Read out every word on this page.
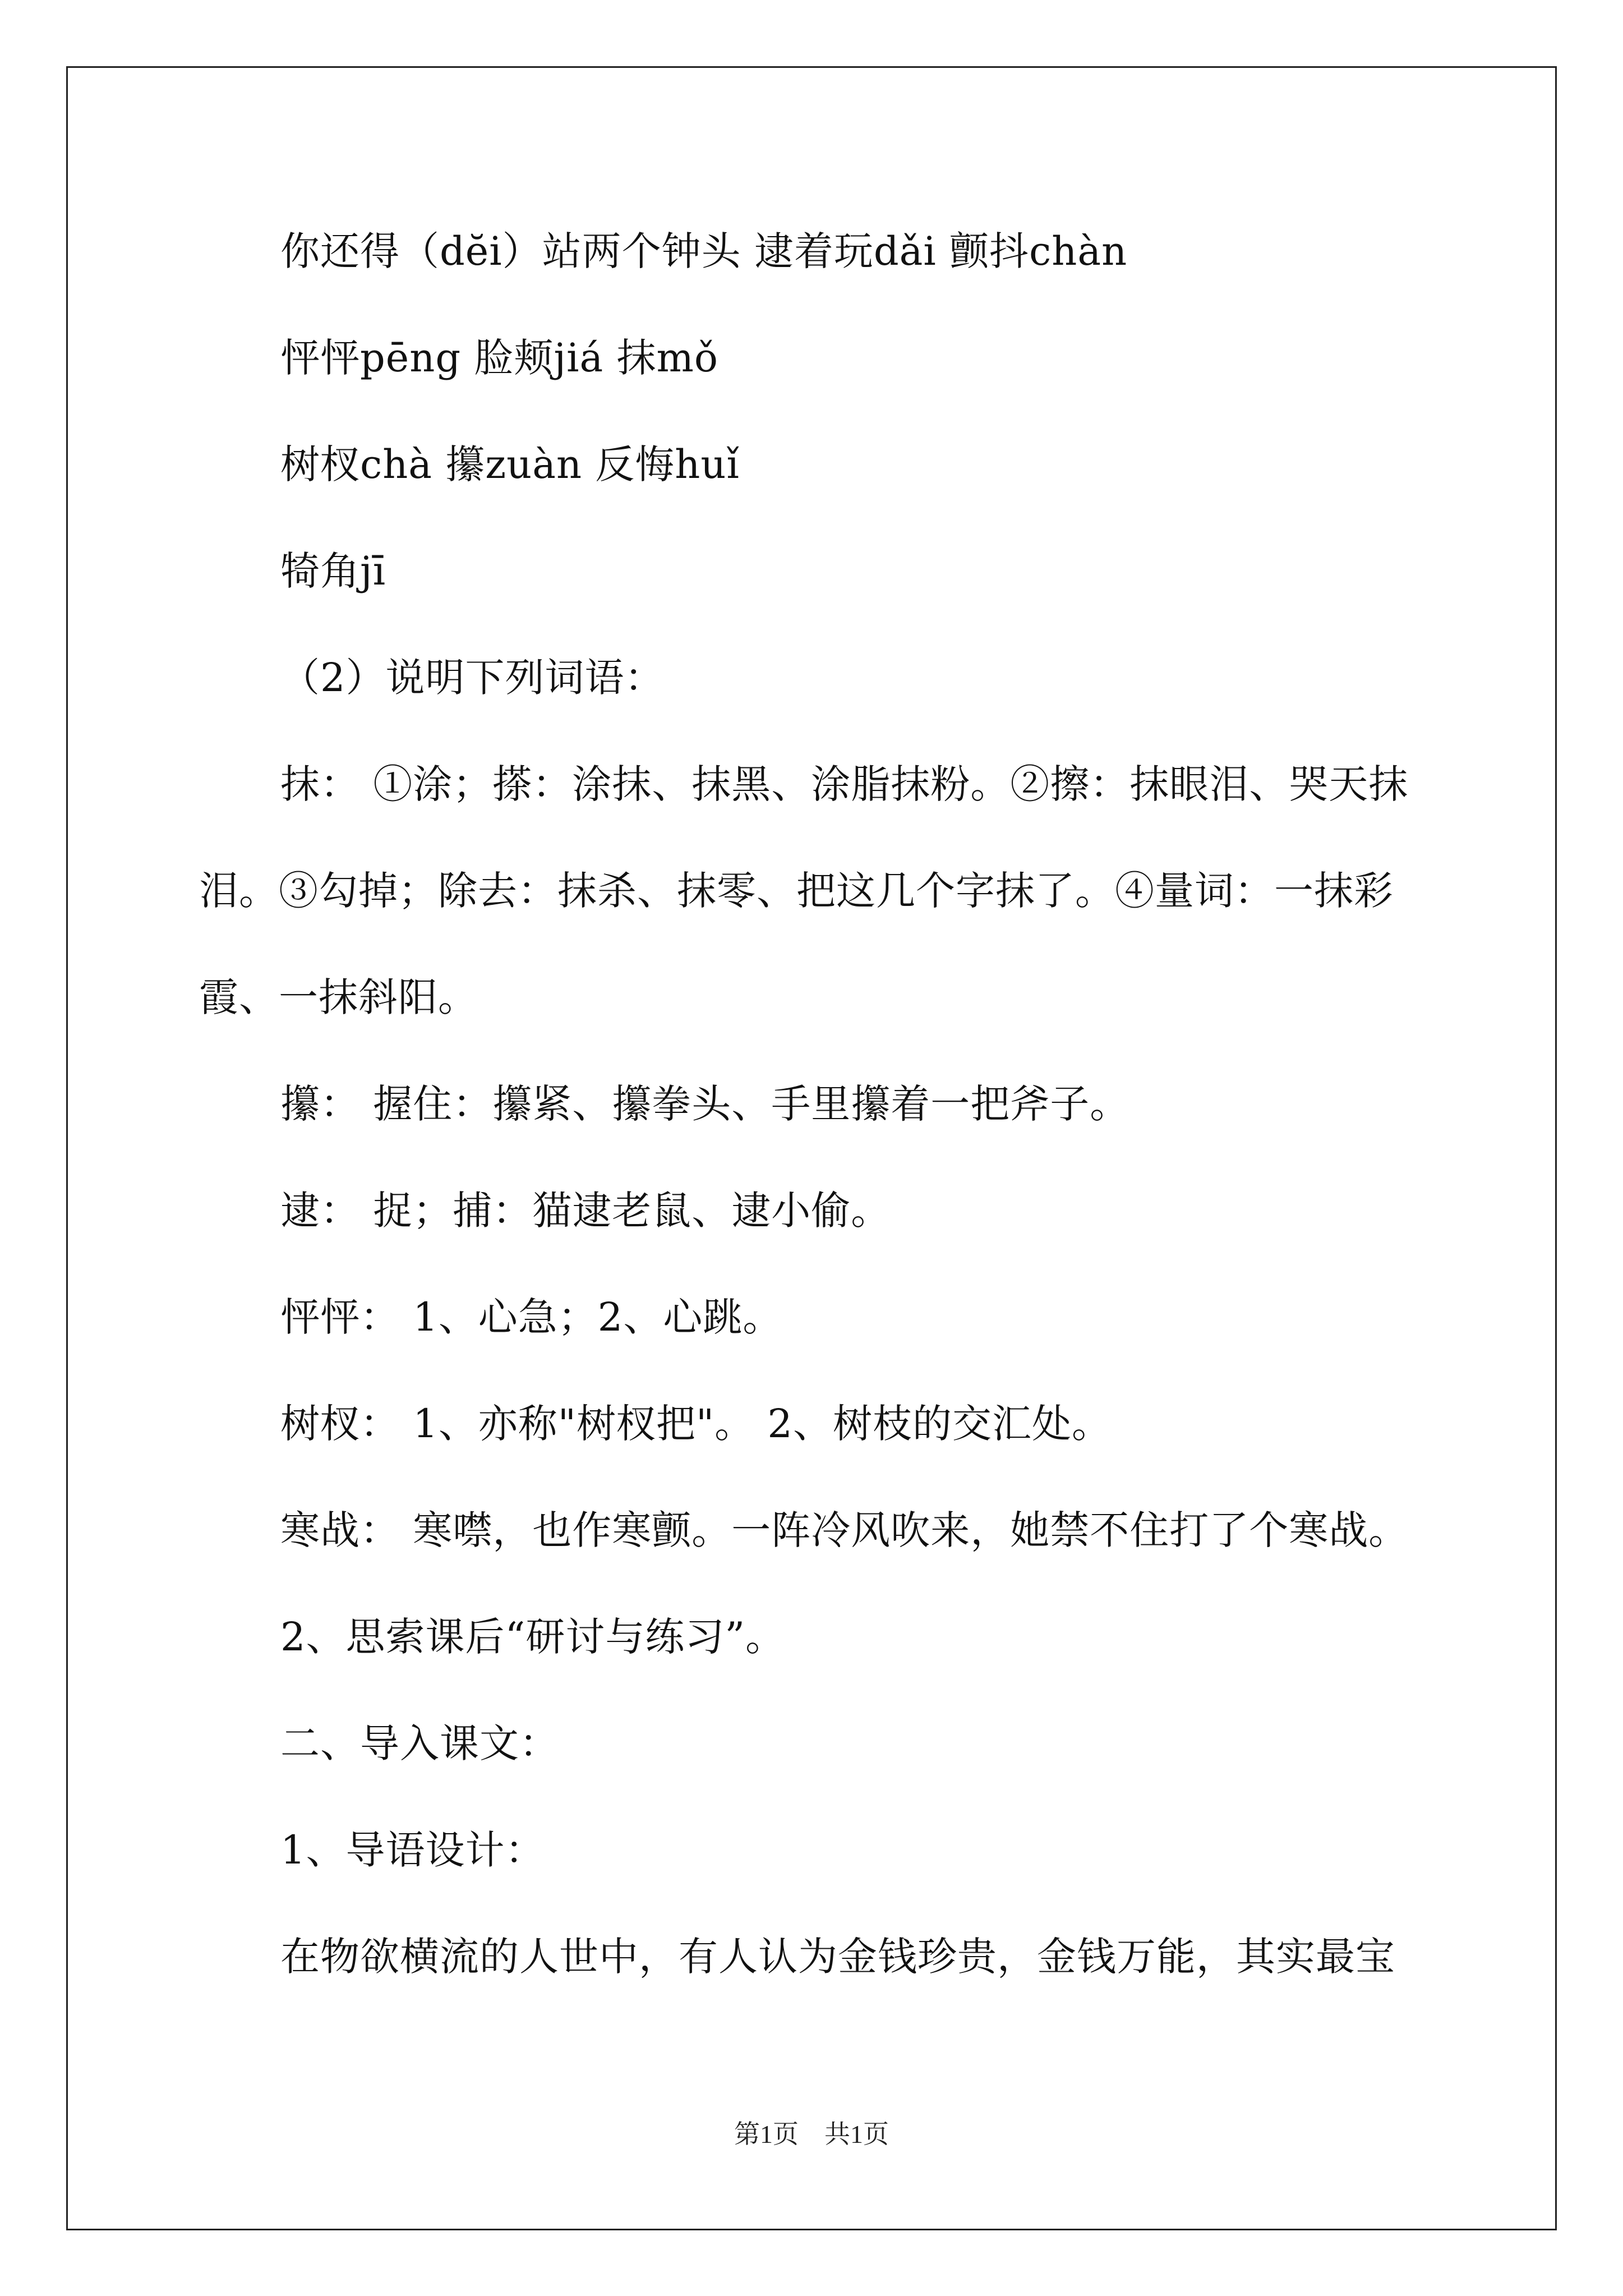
你还得（dĕi）站两个钟头 逮着玩dǎi 颤抖chàn
怦怦pēng 脸颊jiá 抹mǒ
树杈chà 攥zuàn 反悔huǐ
犄角jī
（2）说明下列词语：
抹： ①涂；搽：涂抹、抹黑、涂脂抹粉。②擦：抹眼泪、哭天抹
泪。③勾掉；除去：抹杀、抹零、把这几个字抹了。④量词：一抹彩
霞、一抹斜阳。
攥： 握住：攥紧、攥拳头、手里攥着一把斧子。
逮： 捉；捕：猫逮老鼠、逮小偷。
怦怦： 1、心急；2、心跳。
树杈： 1、亦称"树杈把"。 2、树枝的交汇处。
寒战： 寒噤，也作寒颤。一阵冷风吹来，她禁不住打了个寒战。
2、思索课后“研讨与练习”。
二、导入课文：
1、导语设计：
在物欲横流的人世中，有人认为金钱珍贵，金钱万能，其实最宝
第1页　共1页
